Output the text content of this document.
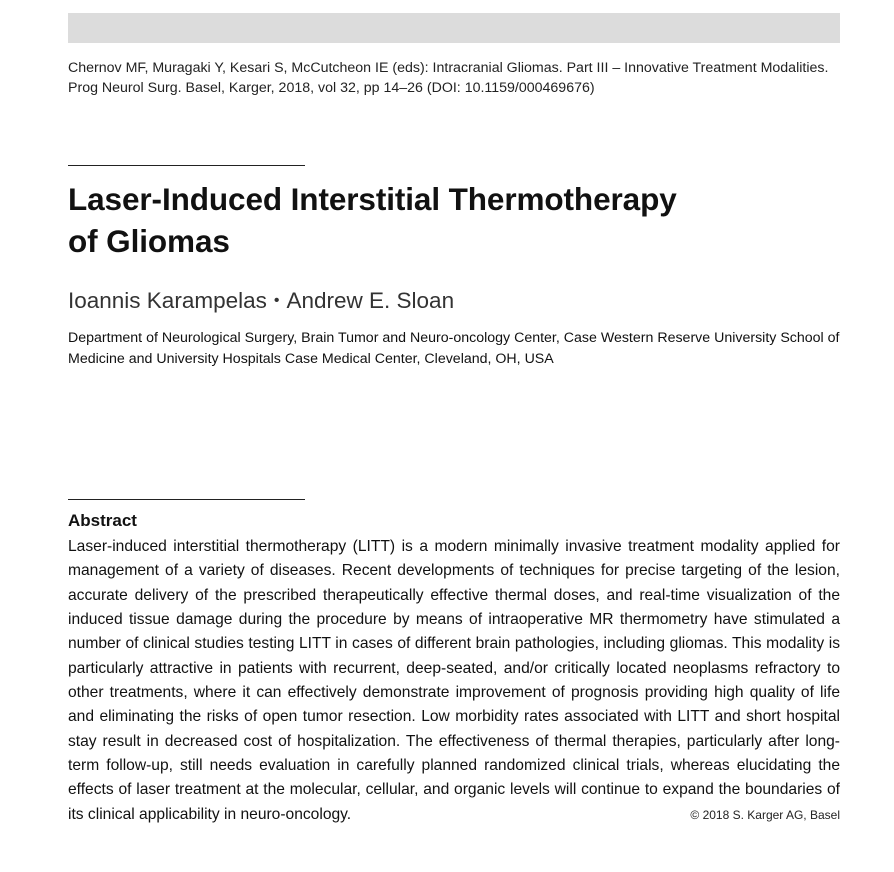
Chernov MF, Muragaki Y, Kesari S, McCutcheon IE (eds): Intracranial Gliomas. Part III – Innovative Treatment Modalities. Prog Neurol Surg. Basel, Karger, 2018, vol 32, pp 14–26 (DOI: 10.1159/000469676)
Laser-Induced Interstitial Thermotherapy
of Gliomas
Ioannis Karampelas • Andrew E. Sloan
Department of Neurological Surgery, Brain Tumor and Neuro-oncology Center, Case Western Reserve University School of Medicine and University Hospitals Case Medical Center, Cleveland, OH, USA
Abstract

Laser-induced interstitial thermotherapy (LITT) is a modern minimally invasive treatment modality applied for management of a variety of diseases. Recent developments of techniques for precise targeting of the lesion, accurate delivery of the prescribed therapeutically effective thermal doses, and real-time visualization of the induced tissue damage during the procedure by means of intraoperative MR thermometry have stimulated a number of clinical studies testing LITT in cases of different brain pathologies, including gliomas. This modality is particularly attractive in patients with recurrent, deep-seated, and/or critically located neoplasms refractory to other treatments, where it can effectively demonstrate improvement of prognosis providing high quality of life and eliminating the risks of open tumor resection. Low morbidity rates associated with LITT and short hospital stay result in decreased cost of hospitalization. The effectiveness of thermal therapies, particularly after long-term follow-up, still needs evaluation in carefully planned randomized clinical trials, whereas elucidating the effects of laser treatment at the molecular, cellular, and organic levels will continue to expand the boundaries of its clinical applicability in neuro-oncology.	© 2018 S. Karger AG, Basel
